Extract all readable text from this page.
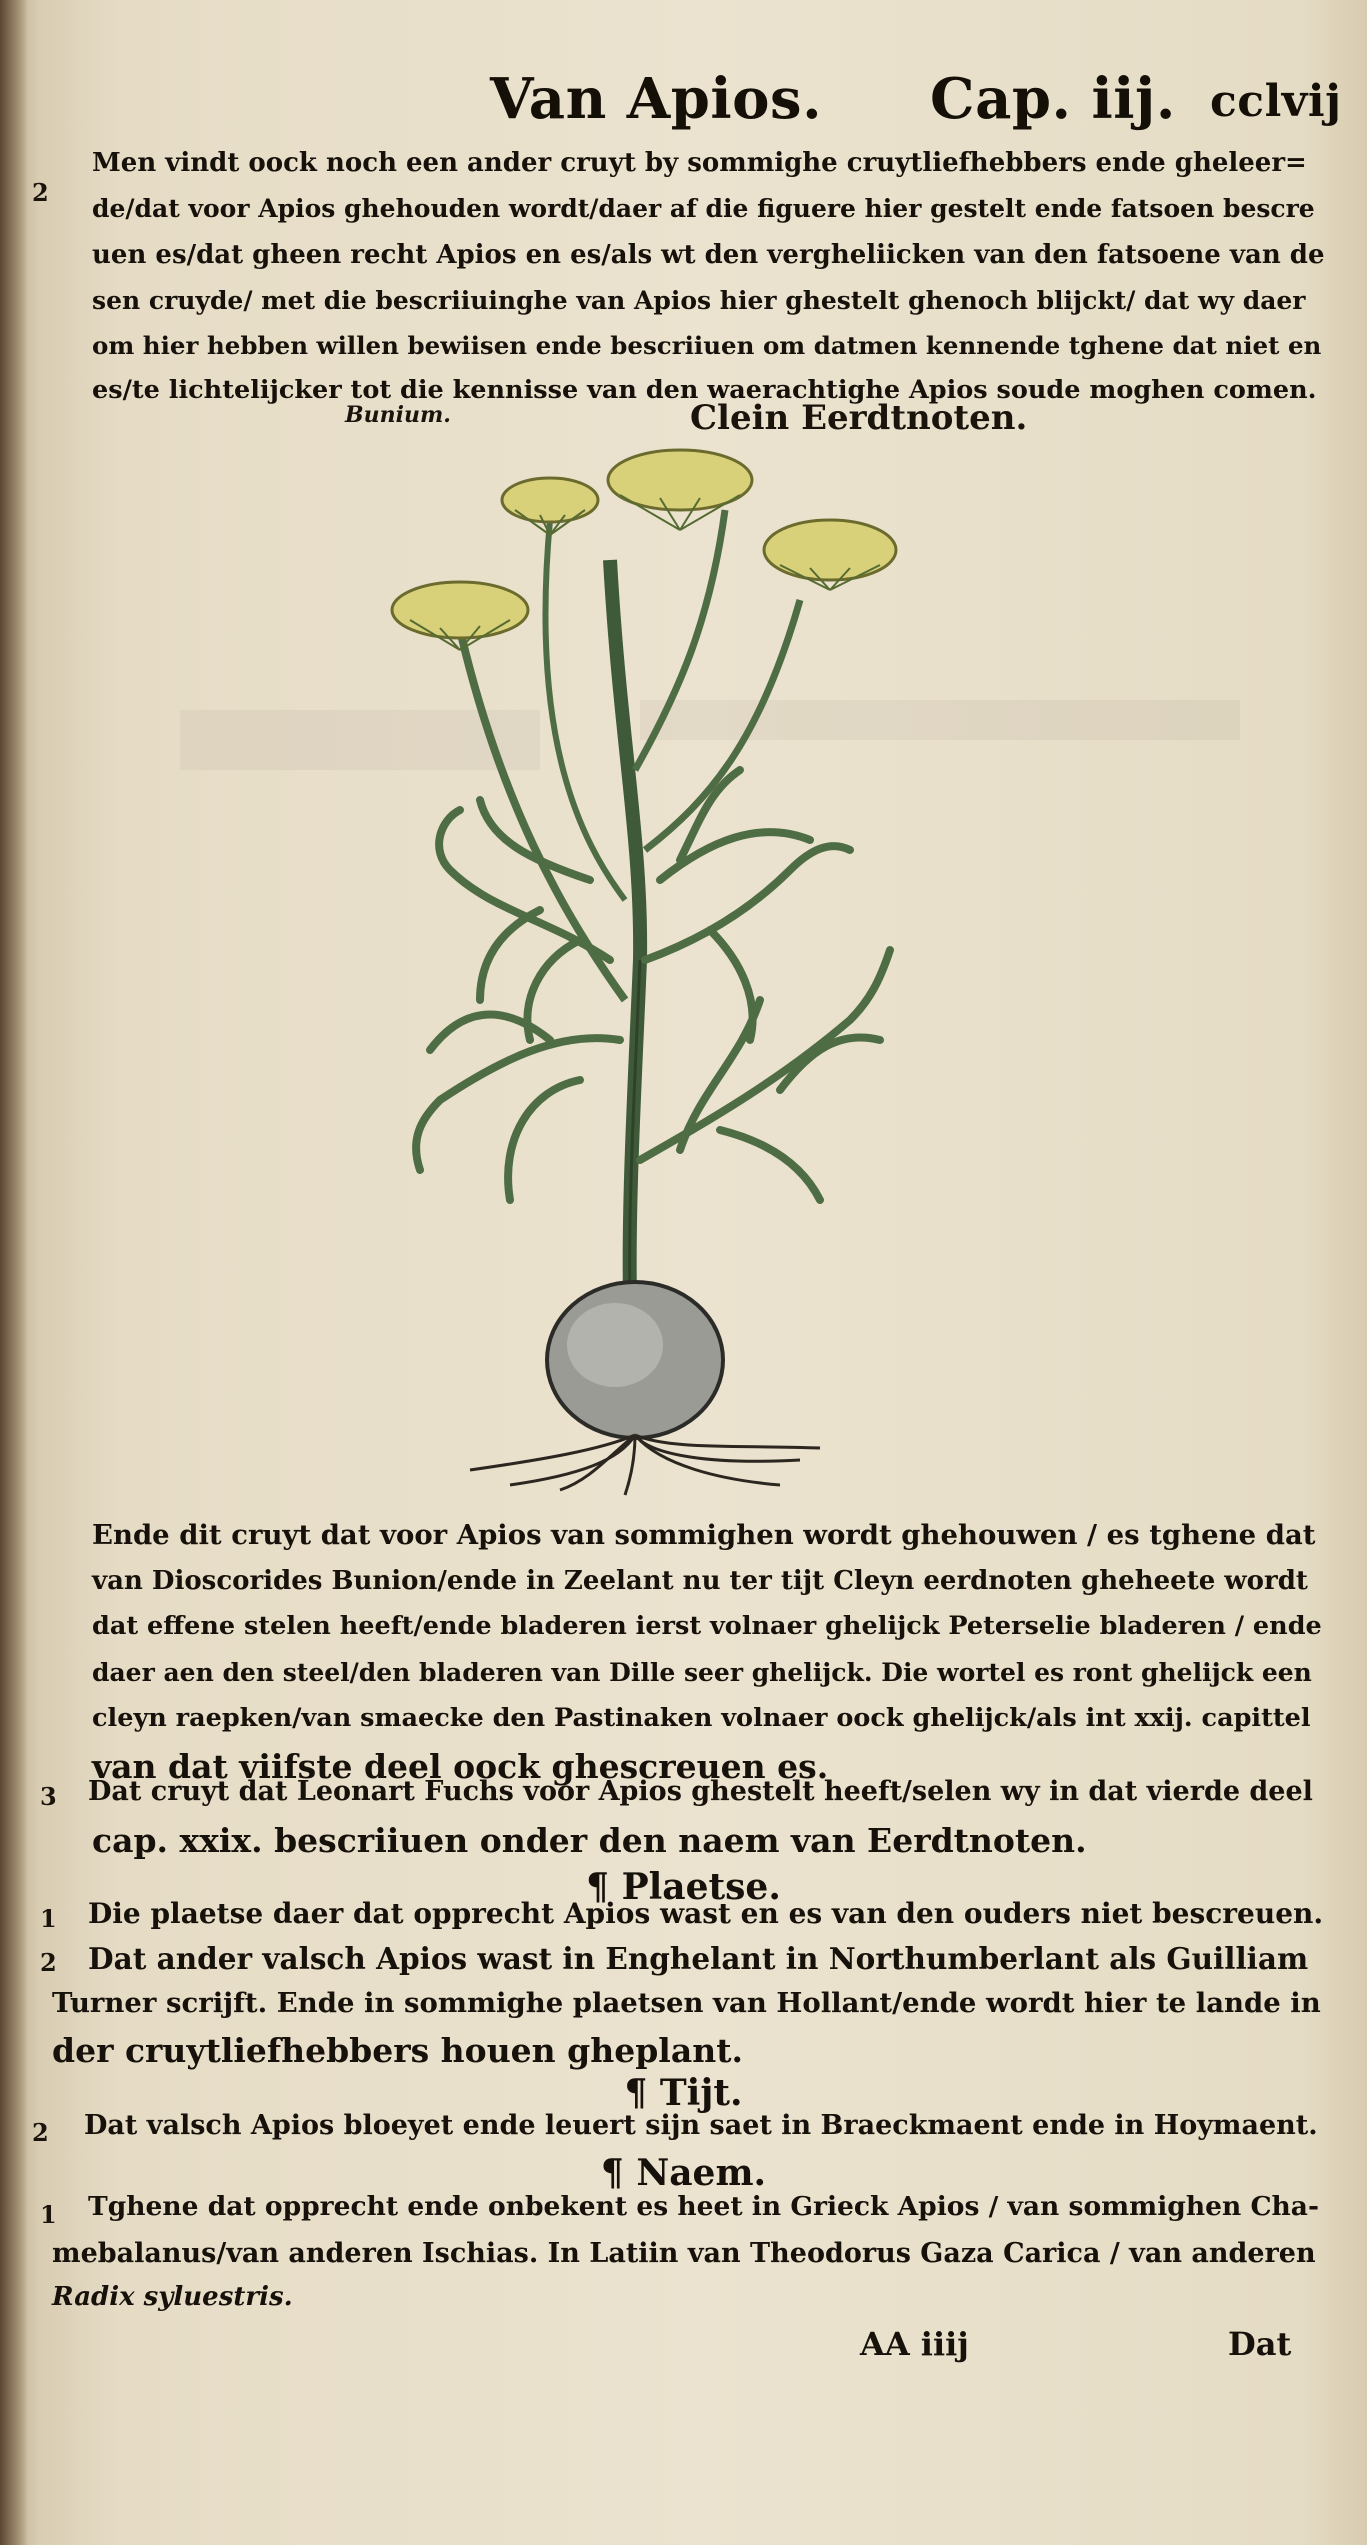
Van Apios. Cap. iij. cclvij
2
Men vindt oock noch een ander cruyt by sommighe cruytliefhebbers ende gheleer=
de/dat voor Apios ghehouden wordt/daer af die figuere hier gestelt ende fatsoen bescre
uen es/dat gheen recht Apios en es/als wt den vergheliicken van den fatsoene van de
sen cruyde/ met die bescriiuinghe van Apios hier ghestelt ghenoch blijckt/ dat wy daer
om hier hebben willen bewiisen ende bescriiuen om datmen kennende tghene dat niet en
es/te lichtelijcker tot die kennisse van den waerachtighe Apios soude moghen comen.
Bunium.	Clein Eerdtnoten.
Ende dit cruyt dat voor Apios van sommighen wordt ghehouwen / es tghene dat
van Dioscorides Bunion/ende in Zeelant nu ter tijt Cleyn eerdnoten gheheete wordt
dat effene stelen heeft/ende bladeren ierst volnaer ghelijck Peterselie bladeren / ende
daer aen den steel/den bladeren van Dille seer ghelijck. Die wortel es ront ghelijck een
cleyn raepken/van smaecke den Pastinaken volnaer oock ghelijck/als int xxij. capittel
van dat viifste deel oock ghescreuen es.
3 Dat cruyt dat Leonart Fuchs voor Apios ghestelt heeft/selen wy in dat vierde deel
cap. xxix. bescriiuen onder den naem van Eerdtnoten.
¶ Plaetse.
1 Die plaetse daer dat opprecht Apios wast en es van den ouders niet bescreuen.
2 Dat ander valsch Apios wast in Enghelant in Northumberlant als Guilliam
Turner scrijft. Ende in sommighe plaetsen van Hollant/ende wordt hier te lande in
der cruytliefhebbers houen gheplant.
¶ Tijt.
2 Dat valsch Apios bloeyet ende leuert sijn saet in Braeckmaent ende in Hoymaent.
¶ Naem.
1 Tghene dat opprecht ende onbekent es heet in Grieck Apios / van sommighen Cha-
mebalanus/van anderen Ischias. In Latiin van Theodorus Gaza Carica / van anderen
Radix syluestris.
AA iiij	Dat
